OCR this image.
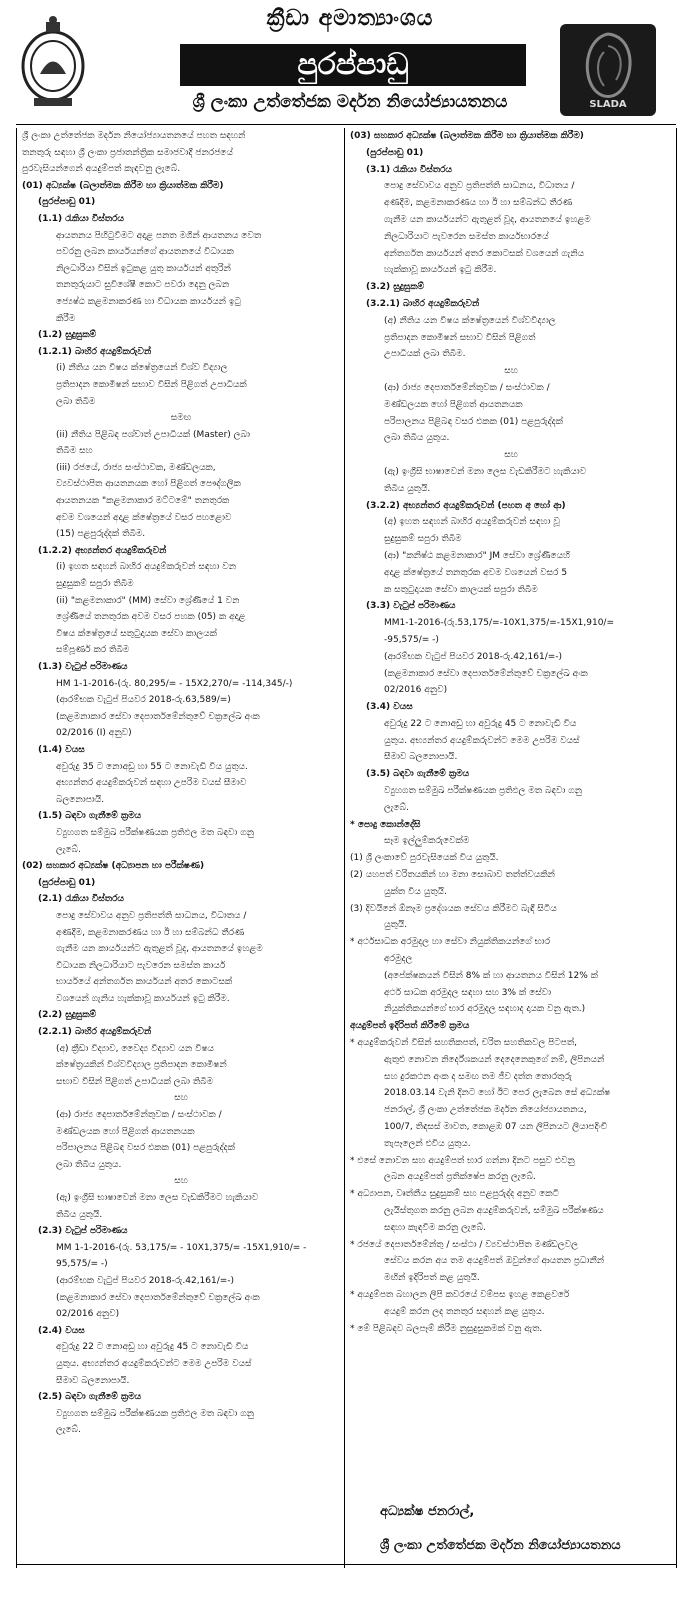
ක්‍රීඩා අමාත්‍යාංශය
පුරප්පාඩු
ශ්‍රී ලංකා උත්තේජක මර්දන නියෝජ්‍යායතනය	SLADA
ශ්‍රී ලංකා උත්තේජක මර්දන නියෝජ්‍යායතනයේ පහත සඳහන්
තනතුරු සඳහා ශ්‍රී ලංකා ප්‍රජාතන්ත්‍රික සමාජවාදී ජනරජයේ
පුරවැසියන්ගෙන් අයදුම්පත් කැඳවනු ලැබේ.
(01) අධ්‍යක්ෂ (බලාත්මක කිරීම හා ක්‍රියාත්මක කිරීම)
(පුරප්පාඩු 01)
(1.1) රැකියා විස්තරය
ආයතනය පිහිටුවීමට අදාළ පනත මගින් ආයතනය වෙත
පවරනු ලබන කාර්යයන්ගේ ආයතනයේ විධායක
නිලධාරියා විසින් ඉටුකළ යුතු කාර්යයන් අතුරින්
තනතුරුයාට සුවිශේෂී කොට පවරා දෙනු ලබන
ජ්‍යෙෂ්ඨ කළමනාකරණ හා විධායක කාර්යයන් ඉටු
කිරීම
(1.2) සුදුසුකම්
(1.2.1) බාහිර අයදුම්කරුවන්
(i) නීතිය යන විෂය ක්ෂේත්‍රයෙන් විශ්ව විද්‍යාල
ප්‍රතිපාදන කොමිෂන් සභාව විසින් පිළිගත් උපාධියක්
ලබා තිබීම
සමඟ
(ii) නීතිය පිළිබඳ පශ්චාත් උපාධියක් (Master) ලබා
තිබීම සහ
(iii) රජයේ, රාජ්‍ය සංස්ථාවක, මණ්ඩලයක,
ව්‍යවස්ථාපිත ආයතනයක හෝ පිළිගත් පෞද්ගලික
ආයතනයක "කළමනාකාර මට්ටමේ" තනතුරක
අවම වශයෙන් අදාළ ක්ෂේත්‍රයේ වසර පහළොව
(15) පළපුරුද්දක් තිබීම.
(1.2.2) අභ්‍යන්තර අයදුම්කරුවන්
(i) ඉහත සඳහන් බාහිර අයදුම්කරුවන් සඳහා වන
සුදුසුකම් සපුරා තිබීම
(ii) "කළමනාකාර" (MM) සේවා ශ්‍රේණියේ 1 වන
ශ්‍රේණියේ තනතුරක අවම වසර පහක (05) ක අදාළ
විෂය ක්ෂේත්‍රයේ සතුටුදායක සේවා කාලයක්
සම්පූර්ණ කර තිබීම
(1.3) වැටුප් පරිමාණය
HM 1-1-2016-(රු. 80,295/= - 15X2,270/= -114,345/-)
(ආරම්භක වැටුප් පියවර 2018-රු.63,589/=)
(කළමනාකාර සේවා දෙපාර්තමේන්තුවේ චක්‍රලේඛ අංක
02/2016 (I) අනුව)
(1.4) වයස
අවුරුදු 35 ට නොඅඩු හා 55 ට නොවැඩි විය යුතුය.
අභ්‍යන්තර අයදුම්කරුවන් සඳහා උපරිම වයස් සීමාව
බලනොපායි.
(1.5) බඳවා ගැනීමේ ක්‍රමය
ව්‍යුහගත සම්මුඛ පරීක්ෂණයක ප්‍රතිඵල මත බඳවා ගනු
ලැබේ.
(02) සහකාර අධ්‍යක්ෂ (අධ්‍යාපන හා පරීක්ෂණ)
(පුරප්පාඩු 01)
(2.1) රැකියා විස්තරය
පොදු සේවාවය අනුව ප්‍රතිපත්ති සාධනය, විධාතය /
අණදීම, කළමනාකරණය හා ඊ හා සම්බන්ධ තීරණ
ගැනීම යන කාර්යයන්ට ඇතුළත් වූද, ආයතනයේ ඉහළම
විධායක නිලධාරියාට පැවරෙන සමස්ත කාර්ය
භාර්යයේ අන්තර්ගත කාර්යයන් අතර කොටසක්
වශයෙන් ගැනිය හැක්කාවූ කාර්යයන් ඉටු කිරීම.
(2.2) සුදුසුකම්
(2.2.1) බාහිර අයදුම්කරුවන්
(අ) ක්‍රීඩා විද්‍යාව, වෛද්‍ය විද්‍යාව යන විෂය
ක්ෂේත්‍රයකින් විශ්වවිද්‍යාල ප්‍රතිපාදන කොමිෂන්
සභාව විසින් පිළිගත් උපාධියක් ලබා තිබීම
සහ
(ආ) රාජ්‍ය දෙපාර්තමේන්තුවක / සංස්ථාවක /
මණ්ඩලයක හෝ පිළිගත් ආයතනයක
පරිපාලනය පිළිබඳ වසර එකක (01) පළපුරුද්දක්
ලබා තිබිය යුතුය.
සහ
(ඇ) ඉංග්‍රීසි භාෂාවෙන් මනා ලෙස වැඩකිරීමට හැකියාව
තිබිය යුතුයි.
(2.3) වැටුප් පරිමාණය
MM 1-1-2016-(රු. 53,175/= - 10X1,375/= -15X1,910/= -
95,575/= -)
(ආරම්භක වැටුප් පියවර 2018-රු.42,161/=-)
(කළමනාකාර සේවා දෙපාර්තමේන්තුවේ චක්‍රලේඛ අංක
02/2016 අනුව)
(2.4) වයස
අවුරුදු 22 ට නොඅඩු හා අවුරුදු 45 ට නොවැඩි විය
යුතුය. අභ්‍යන්තර අයදුම්කරුවන්ට මෙම උපරිම වයස්
සීමාව බලනොපායි.
(2.5) බඳවා ගැනීමේ ක්‍රමය
ව්‍යුහගත සම්මුඛ පරීක්ෂණයක ප්‍රතිඵල මත බඳවා ගනු
ලැබේ.
(03) සහකාර අධ්‍යක්ෂ (බලාත්මක කිරීම හා ක්‍රියාත්මක කිරීම)
(පුරප්පාඩු 01)
(3.1) රැකියා විස්තරය
පොදු සේවාවය අනුව ප්‍රතිපත්ති සාධනය, විධාතය /
අණදීම, කළමනාකරණය හා ඊ හා සම්බන්ධ තීරණ
ගැනීම යන කාර්යයන්ට ඇතුළත් වූද, ආයතනයේ ඉහළම
නිලධාරියාට පැවරෙන සමස්ත කාර්යභාරයේ
අන්තර්ගත කාර්යයන් අතර කොටසක් වශයෙන් ගැනිය
හැක්කාවූ කාර්යයන් ඉටු කිරීම.
(3.2) සුදුසුකම්
(3.2.1) බාහිර අයදුම්කරුවන්
(අ) නීතිය යන විෂය ක්ෂේත්‍රයෙන් විශ්වවිද්‍යාල
ප්‍රතිපාදන කොමිෂන් සභාව විසින් පිළිගත්
උපාධියක් ලබා තිබීම.
සහ
(ආ) රාජ්‍ය දෙපාර්තමේන්තුවක / සංස්ථාවක /
මණ්ඩලයක හෝ පිළිගත් ආයතනයක
පරිපාලනය පිළිබඳ වසර එකක (01) පළපුරුද්දක්
ලබා තිබිය යුතුය.
සහ
(ඇ) ඉංග්‍රීසි භාෂාවෙන් මනා ලෙස වැඩකිරීමට හැකියාව
තිබිය යුතුයි.
(3.2.2) අභ්‍යන්තර අයදුම්කරුවන් (පහත අ හෝ ආ)
(අ) ඉහත සඳහන් බාහිර අයදුම්කරුවන් සඳහා වූ
සුදුසුකම් සපුරා තිබීම
(ආ) "කනිෂ්ඨ කළමනාකාර" JM සේවා ශ්‍රේණියෙහි
අදාළ ක්ෂේත්‍රයේ තනතුරක අවම වශයෙන් වසර 5
ක සතුටුදායක සේවා කාලයක් සපුරා තිබීම
(3.3) වැටුප් පරිමාණය
MM1-1-2016-(රු.53,175/=-10X1,375/=-15X1,910/=
-95,575/= -)
(ආරම්භක වැටුප් පියවර 2018-රු.42,161/=-)
(කළමනාකාර සේවා දෙපාර්තමේන්තුවේ චක්‍රලේඛ අංක
02/2016 අනුව)
(3.4) වයස
අවුරුදු 22 ට නොඅඩු හා අවුරුදු 45 ට නොවැඩි විය
යුතුය. අභ්‍යන්තර අයදුම්කරුවන්ට මෙම උපරිම වයස්
සීමාව බලනොපායි.
(3.5) බඳවා ගැනීමේ ක්‍රමය
ව්‍යුහගත සම්මුඛ පරීක්ෂණයක ප්‍රතිඵල මත බඳවා ගනු
ලැබේ.
* පොදු කොන්දේසි
සෑම ඉල්ලුම්කරුවෙක්ම
(1) ශ්‍රී ලංකාවේ පුරවැසියෙක් විය යුතුයි.
(2) යහපත් චරිතයකින් හා මනා සොබාව තත්ත්වයකින්
යුක්ත විය යුතුයි.
(3) දිවයිනේ ඕනෑම ප්‍රදේශයක සේවය කිරීමට බැඳී සිටිය
යුතුයි.
* අර්ථසාධක අරමුදල හා සේවා නියුක්තිකයන්ගේ භාර
අරමුදල
(අපේක්ෂකයන් විසින් 8% ක් හා ආයතනය විසින් 12% ක්
අර්ථ සාධක අරමුදල සඳහා සහ 3% ක් සේවා
නියුක්තිකයන්ගේ භාර අරමුදල සඳහාද දායක වනු ඇත.)
අයදුම්පත් ඉදිරිපත් කිරීමේ ක්‍රමය
* අයදුම්කරුවන් විසින් සහතිකපත්, චරිත සහතිකවල පිටපත්,
ඇතුළු නොවන නිර්දේශකයන් දෙදෙනෙකුගේ නම්, ලිපිනයන්
සහ දුරකථන අංක ද සමඟ තම ජීව දත්ත තොරතුරු
2018.03.14 වැනි දිනට හෝ ඊට පෙර ලැබෙන සේ අධ්‍යක්ෂ
ජනරාල්, ශ්‍රී ලංකා උත්තේජක මර්දන නියෝජ්‍යායතනය,
100/7, තිඳසස් මාවත, කොළඹ 07 යන ලිපිනයට ලියාපදිංචි
තැපෑලෙන් එවිය යුතුය.
* එසේ නොවන සහ අයදුම්පත් භාර ගන්නා දිනට පසුව එවනු
ලබන අයදුම්පත් ප්‍රතික්ෂේප කරනු ලැබේ.
* අධ්‍යාපන, වෘත්තීය සුදුසුකම් සහ පළපුරුද්ද අනුව කෙටි
ලැයිස්තුගත කරනු ලබන අයදුම්කරුවන්, සම්මුඛ පරීක්ෂණය
සඳහා කැඳවීම කරනු ලැබේ.
* රජයේ දෙපාර්තමේන්තු / සංස්ථා / ව්‍යවස්ථාපිත මණ්ඩලවල
සේවය කරන අය තම අයදුම්පත් ඔවුන්ගේ ආයතන ප්‍රධානීන්
මඟින් ඉදිරිපත් කළ යුතුයි.
* අයදුම්පත බහාලන ලිපි කවරයේ වම්පස ඉහළ කෙළවරේ
අයදුම් කරන ලද තනතුර සඳහන් කළ යුතුය.
* මේ පිළිබඳව බලපෑම් කිරීම නුසුදුසුකමක් වනු ඇත.
අධ්‍යක්ෂ ජනරාල්,
ශ්‍රී ලංකා උත්තේජක මර්දන නියෝජ්‍යායතනය
